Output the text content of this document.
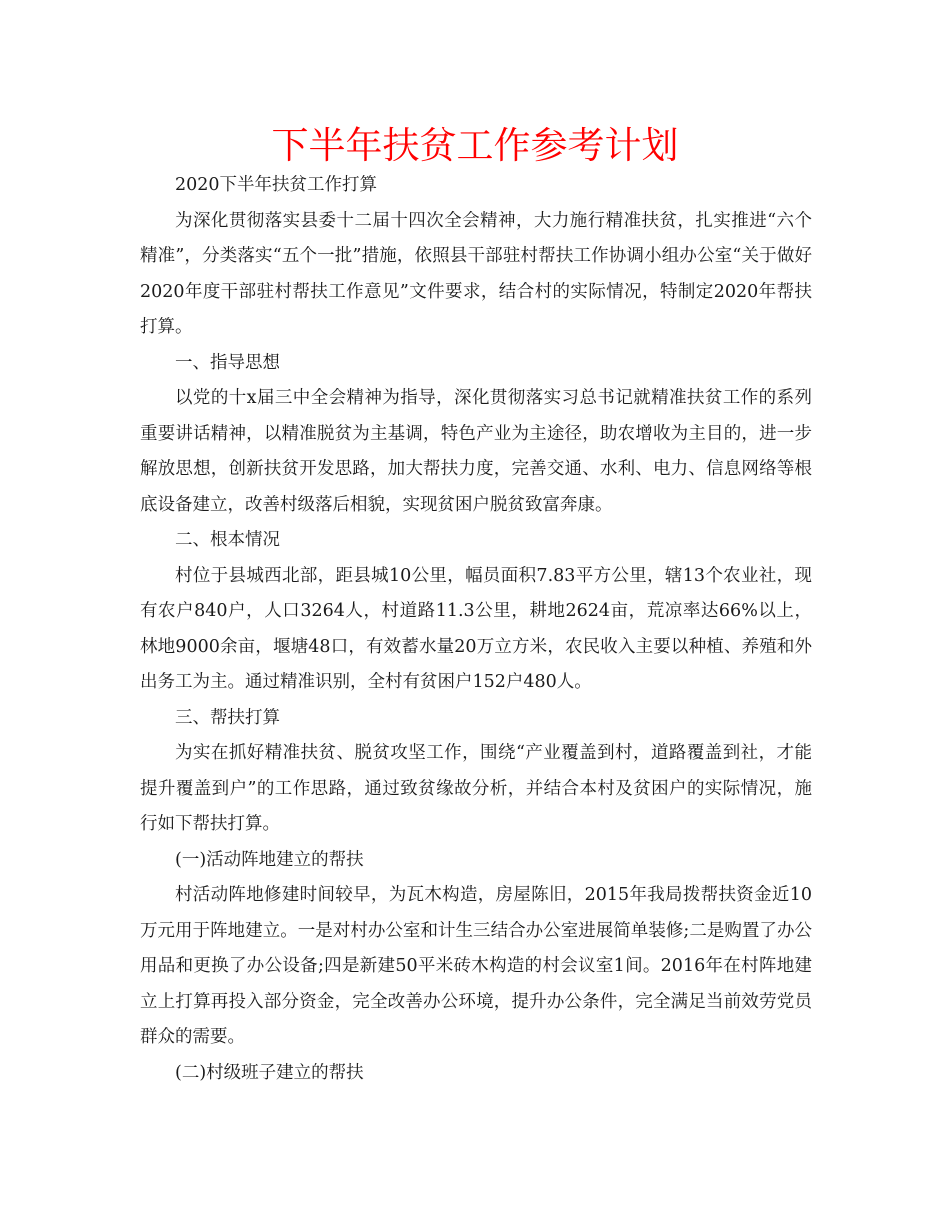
下半年扶贫工作参考计划

2020下半年扶贫工作打算

为深化贯彻落实县委十二届十四次全会精神，大力施行精准扶贫，扎实推进“六个精准”，分类落实“五个一批”措施，依照县干部驻村帮扶工作协调小组办公室“关于做好2020年度干部驻村帮扶工作意见”文件要求，结合村的实际情况，特制定2020年帮扶打算。

一、指导思想

以党的十x届三中全会精神为指导，深化贯彻落实习总书记就精准扶贫工作的系列重要讲话精神，以精准脱贫为主基调，特色产业为主途径，助农增收为主目的，进一步解放思想，创新扶贫开发思路，加大帮扶力度，完善交通、水利、电力、信息网络等根底设备建立，改善村级落后相貌，实现贫困户脱贫致富奔康。

二、根本情况

村位于县城西北部，距县城10公里，幅员面积7.83平方公里，辖13个农业社，现有农户840户，人口3264人，村道路11.3公里，耕地2624亩，荒凉率达66%以上，林地9000余亩，堰塘48口，有效蓄水量20万立方米，农民收入主要以种植、养殖和外出务工为主。通过精准识别，全村有贫困户152户480人。

三、帮扶打算

为实在抓好精准扶贫、脱贫攻坚工作，围绕“产业覆盖到村，道路覆盖到社，才能提升覆盖到户”的工作思路，通过致贫缘故分析，并结合本村及贫困户的实际情况，施行如下帮扶打算。

(一)活动阵地建立的帮扶

村活动阵地修建时间较早，为瓦木构造，房屋陈旧，2015年我局拨帮扶资金近10万元用于阵地建立。一是对村办公室和计生三结合办公室进展简单装修;二是购置了办公用品和更换了办公设备;四是新建50平米砖木构造的村会议室1间。2016年在村阵地建立上打算再投入部分资金，完全改善办公环境，提升办公条件，完全满足当前效劳党员群众的需要。

(二)村级班子建立的帮扶
